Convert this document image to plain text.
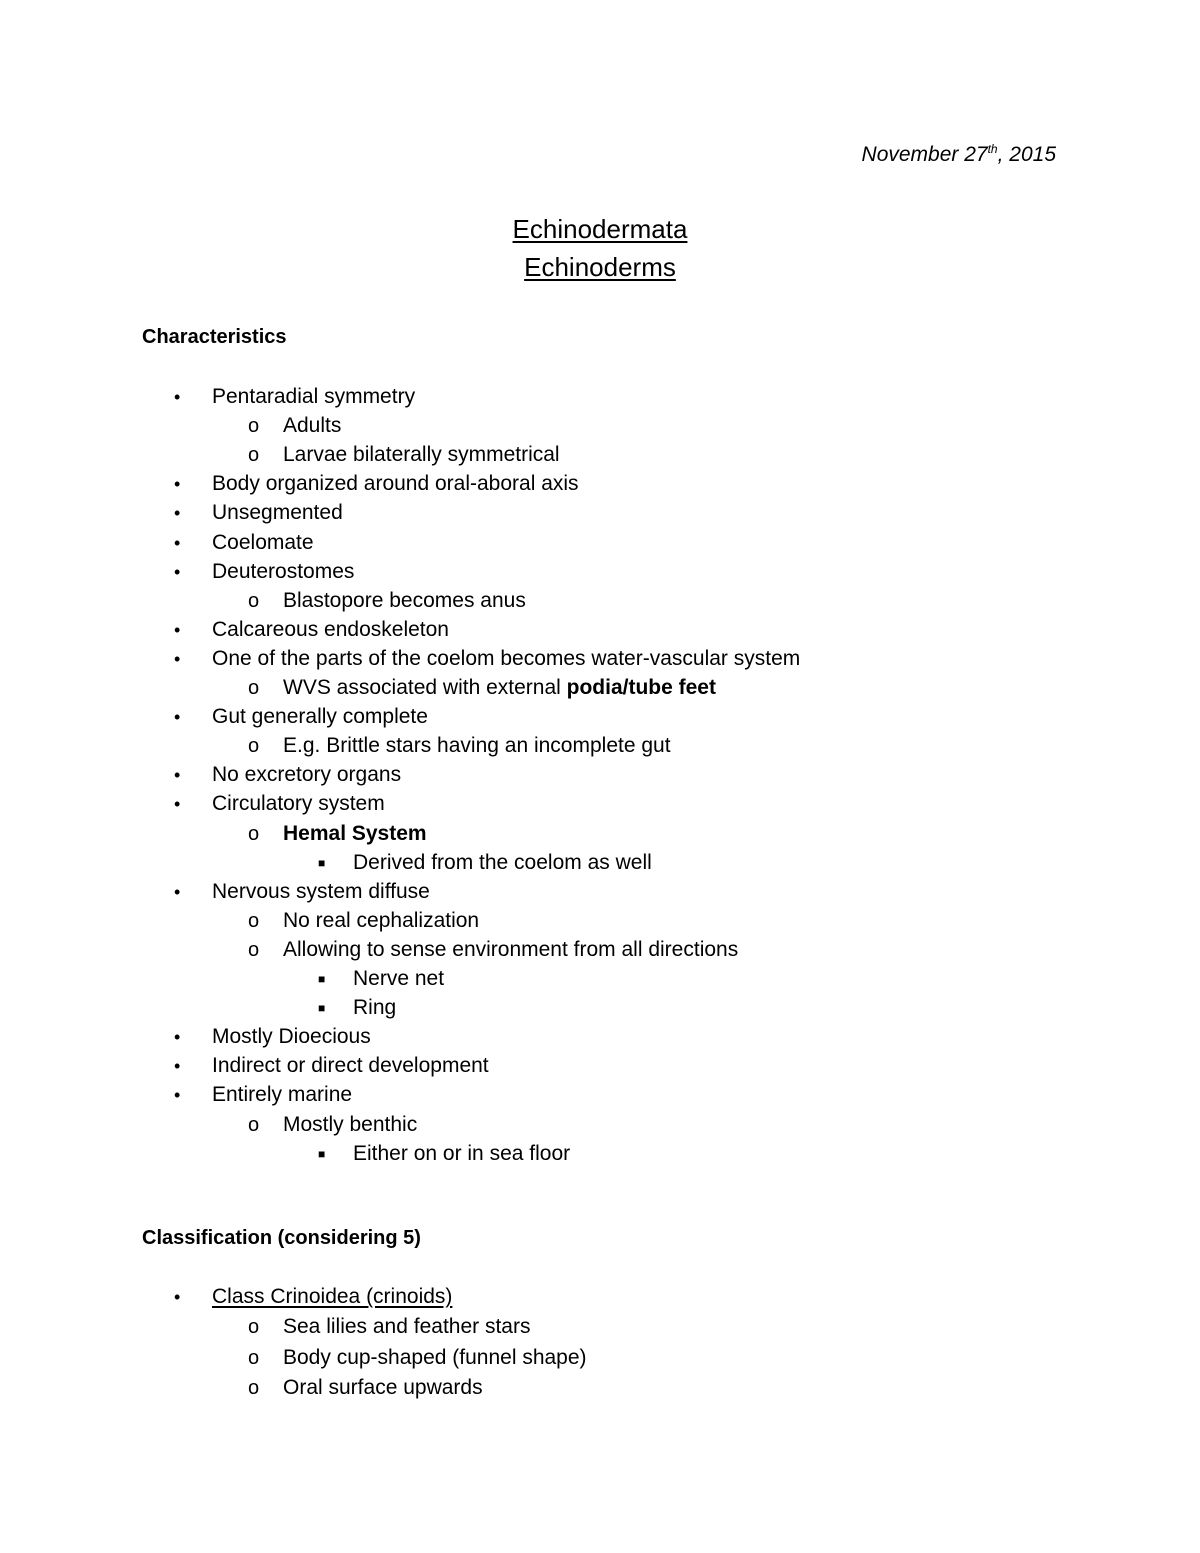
November 27th, 2015
Echinodermata
Echinoderms
Characteristics
• Pentaradial symmetry
o Adults
o Larvae bilaterally symmetrical
• Body organized around oral-aboral axis
• Unsegmented
• Coelomate
• Deuterostomes
o Blastopore becomes anus
• Calcareous endoskeleton
• One of the parts of the coelom becomes water-vascular system
o WVS associated with external podia/tube feet
• Gut generally complete
o E.g. Brittle stars having an incomplete gut
• No excretory organs
• Circulatory system
o Hemal System
■ Derived from the coelom as well
• Nervous system diffuse
o No real cephalization
o Allowing to sense environment from all directions
■ Nerve net
■ Ring
• Mostly Dioecious
• Indirect or direct development
• Entirely marine
o Mostly benthic
■ Either on or in sea floor
Classification (considering 5)
• Class Crinoidea (crinoids)
o Sea lilies and feather stars
o Body cup-shaped (funnel shape)
o Oral surface upwards
